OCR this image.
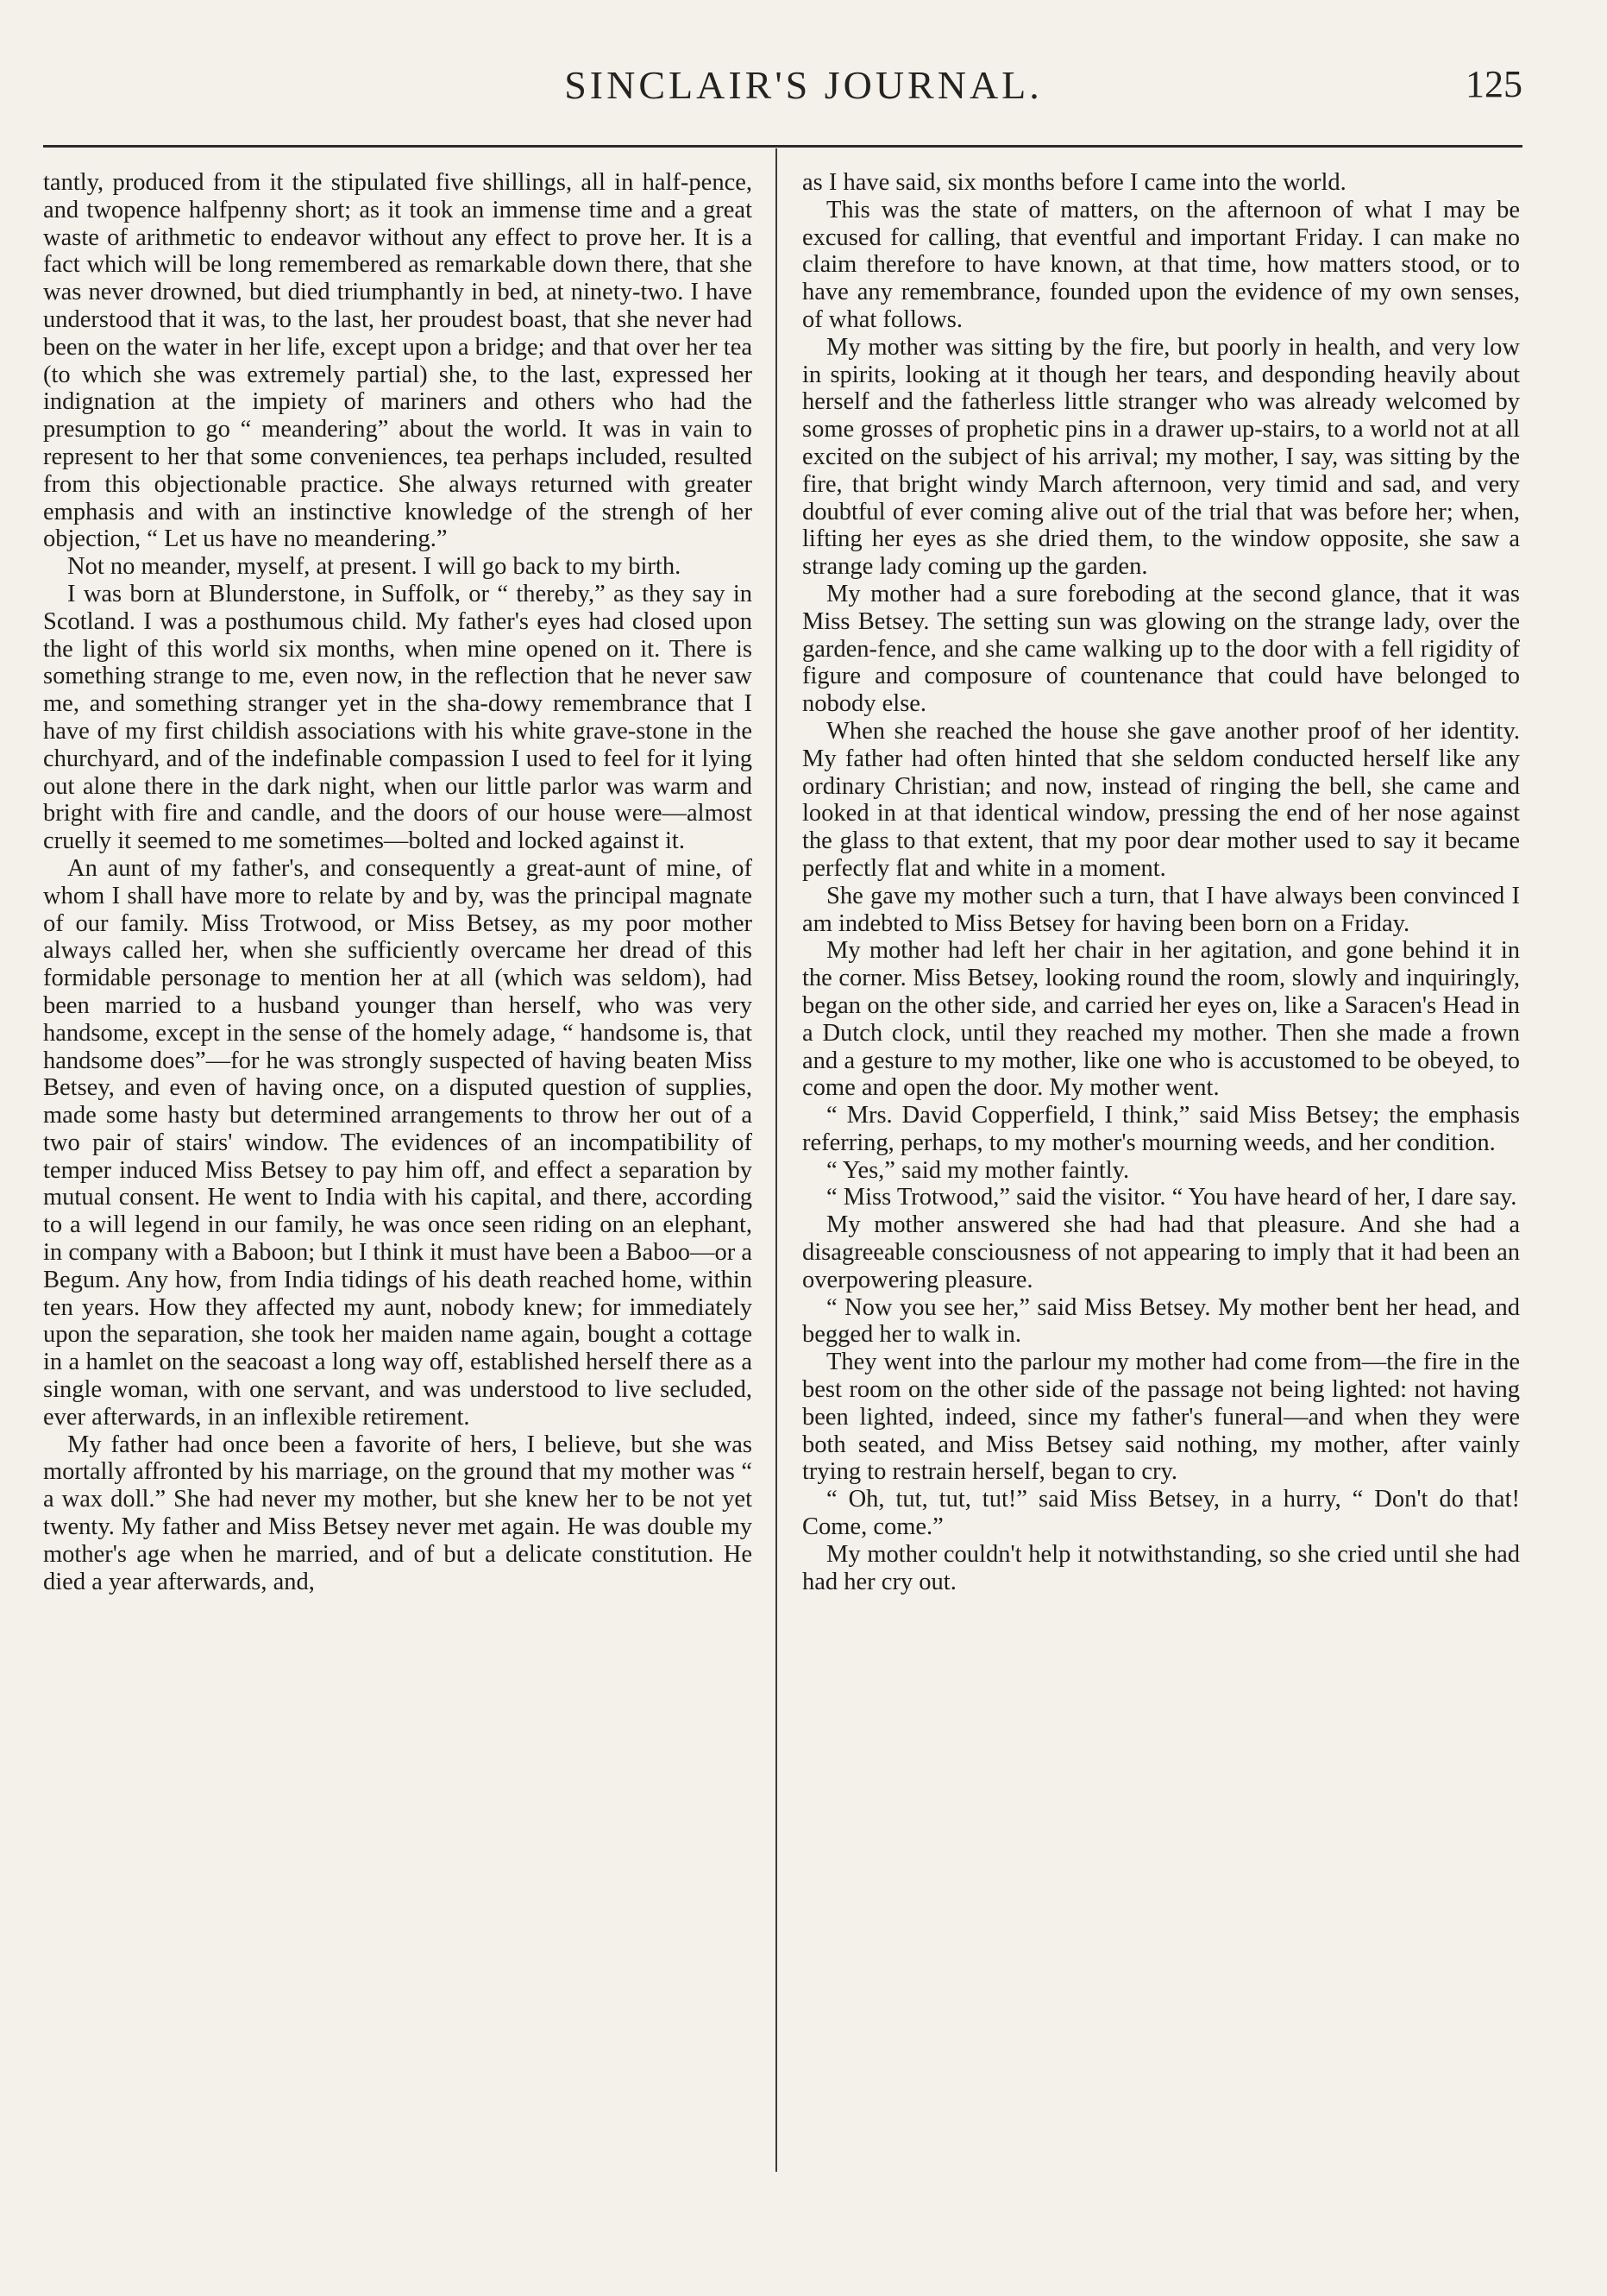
SINCLAIR'S JOURNAL.	125

tantly, produced from it the stipulated five shillings, all in half-pence, and twopence halfpenny short; as it took an immense time and a great waste of arithmetic to endeavor without any effect to prove her. It is a fact which will be long remembered as remarkable down there, that she was never drowned, but died triumphantly in bed, at ninety-two. I have understood that it was, to the last, her proudest boast, that she never had been on the water in her life, except upon a bridge; and that over her tea (to which she was extremely partial) she, to the last, expressed her indignation at the impiety of mariners and others who had the presumption to go “ meandering” about the world. It was in vain to represent to her that some conveniences, tea perhaps included, resulted from this objectionable practice. She always returned with greater emphasis and with an instinctive knowledge of the strengh of her objection, “ Let us have no meandering.”

Not no meander, myself, at present. I will go back to my birth.

I was born at Blunderstone, in Suffolk, or “ thereby,” as they say in Scotland. I was a posthumous child. My father's eyes had closed upon the light of this world six months, when mine opened on it. There is something strange to me, even now, in the reflection that he never saw me, and something stranger yet in the sha-dowy remembrance that I have of my first childish associations with his white grave-stone in the churchyard, and of the indefinable compassion I used to feel for it lying out alone there in the dark night, when our little parlor was warm and bright with fire and candle, and the doors of our house were—almost cruelly it seemed to me sometimes—bolted and locked against it.

An aunt of my father's, and consequently a great-aunt of mine, of whom I shall have more to relate by and by, was the principal magnate of our family. Miss Trotwood, or Miss Betsey, as my poor mother always called her, when she sufficiently overcame her dread of this formidable personage to mention her at all (which was seldom), had been married to a husband younger than herself, who was very handsome, except in the sense of the homely adage, “ handsome is, that handsome does”—for he was strongly suspected of having beaten Miss Betsey, and even of having once, on a disputed question of supplies, made some hasty but determined arrangements to throw her out of a two pair of stairs' window. The evidences of an incompatibility of temper induced Miss Betsey to pay him off, and effect a separation by mutual consent. He went to India with his capital, and there, according to a will legend in our family, he was once seen riding on an elephant, in company with a Baboon; but I think it must have been a Baboo—or a Begum. Any how, from India tidings of his death reached home, within ten years. How they affected my aunt, nobody knew; for immediately upon the separation, she took her maiden name again, bought a cottage in a hamlet on the seacoast a long way off, established herself there as a single woman, with one servant, and was understood to live secluded, ever afterwards, in an inflexible retirement.

My father had once been a favorite of hers, I believe, but she was mortally affronted by his marriage, on the ground that my mother was “ a wax doll.” She had never my mother, but she knew her to be not yet twenty. My father and Miss Betsey never met again. He was double my mother's age when he married, and of but a delicate constitution. He died a year afterwards, and,

as I have said, six months before I came into the world.

This was the state of matters, on the afternoon of what I may be excused for calling, that eventful and important Friday. I can make no claim therefore to have known, at that time, how matters stood, or to have any remembrance, founded upon the evidence of my own senses, of what follows.

My mother was sitting by the fire, but poorly in health, and very low in spirits, looking at it though her tears, and desponding heavily about herself and the fatherless little stranger who was already welcomed by some grosses of prophetic pins in a drawer up-stairs, to a world not at all excited on the subject of his arrival; my mother, I say, was sitting by the fire, that bright windy March afternoon, very timid and sad, and very doubtful of ever coming alive out of the trial that was before her; when, lifting her eyes as she dried them, to the window opposite, she saw a strange lady coming up the garden.

My mother had a sure foreboding at the second glance, that it was Miss Betsey. The setting sun was glowing on the strange lady, over the garden-fence, and she came walking up to the door with a fell rigidity of figure and composure of countenance that could have belonged to nobody else.

When she reached the house she gave another proof of her identity. My father had often hinted that she seldom conducted herself like any ordinary Christian; and now, instead of ringing the bell, she came and looked in at that identical window, pressing the end of her nose against the glass to that extent, that my poor dear mother used to say it became perfectly flat and white in a moment.

She gave my mother such a turn, that I have always been convinced I am indebted to Miss Betsey for having been born on a Friday.

My mother had left her chair in her agitation, and gone behind it in the corner. Miss Betsey, looking round the room, slowly and inquiringly, began on the other side, and carried her eyes on, like a Saracen's Head in a Dutch clock, until they reached my mother. Then she made a frown and a gesture to my mother, like one who is accustomed to be obeyed, to come and open the door. My mother went.

“ Mrs. David Copperfield, I think,” said Miss Betsey; the emphasis referring, perhaps, to my mother's mourning weeds, and her condition.

“ Yes,” said my mother faintly.

“ Miss Trotwood,” said the visitor. “ You have heard of her, I dare say.

My mother answered she had had that pleasure. And she had a disagreeable consciousness of not appearing to imply that it had been an overpowering pleasure.

“ Now you see her,” said Miss Betsey. My mother bent her head, and begged her to walk in.

They went into the parlour my mother had come from—the fire in the best room on the other side of the passage not being lighted: not having been lighted, indeed, since my father's funeral—and when they were both seated, and Miss Betsey said nothing, my mother, after vainly trying to restrain herself, began to cry.

“ Oh, tut, tut, tut!” said Miss Betsey, in a hurry, “ Don't do that! Come, come.”

My mother couldn't help it notwithstanding, so she cried until she had had her cry out.
